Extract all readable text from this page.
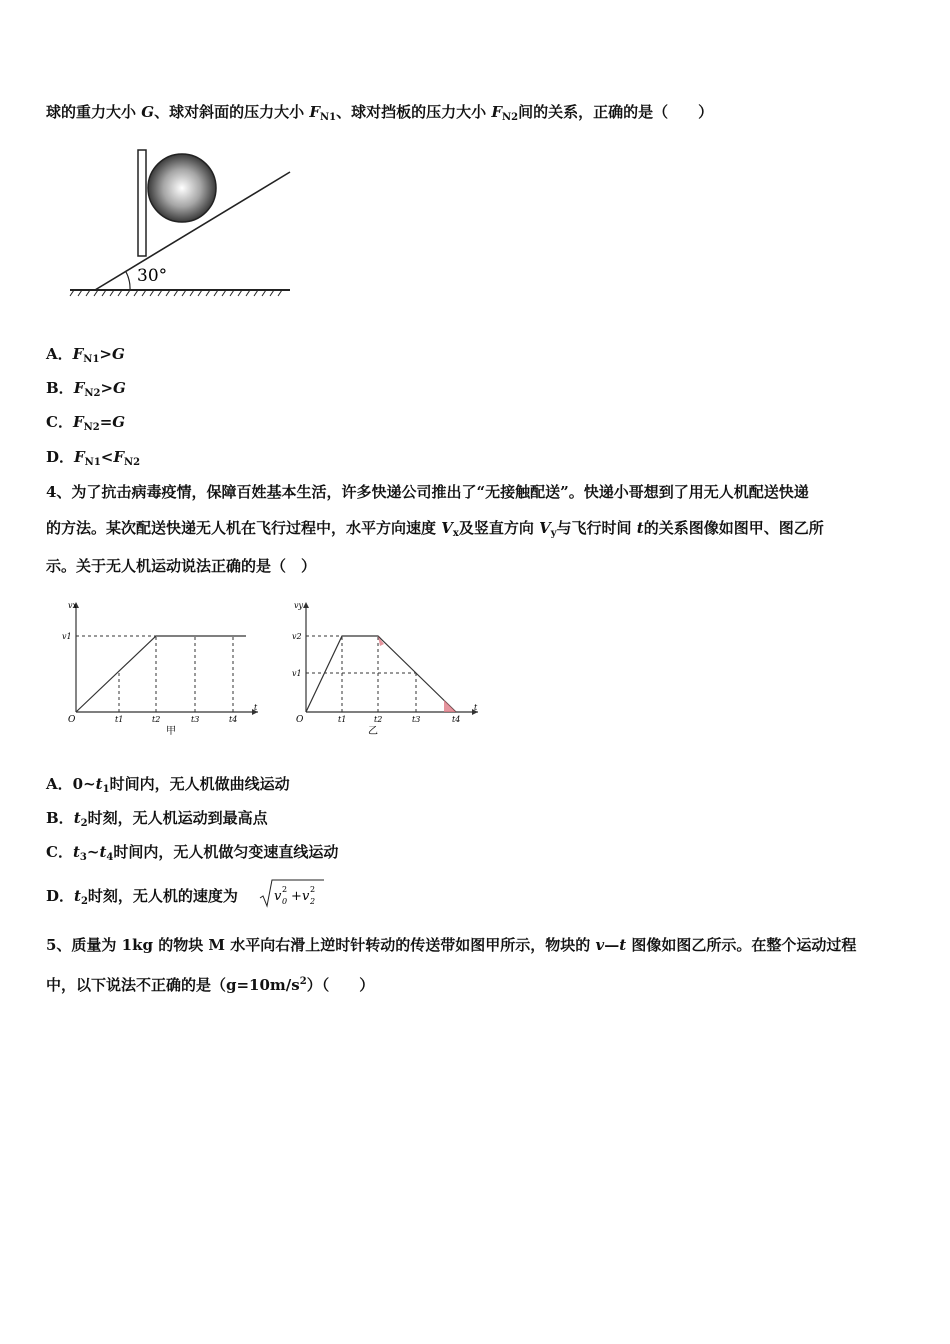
球的重力大小 G、球对斜面的压力大小 $F_{N1}$、球对挡板的压力大小 $F_{N2}$间的关系，正确的是（　　）
30°
A．$F_{N1}>G$
B．$F_{N2}>G$
C．$F_{N2}=G$
D．$F_{N1}<F_{N2}$
4、为了抗击病毒疫情，保障百姓基本生活，许多快递公司推出了“无接触配送”。快递小哥想到了用无人机配送快递
的方法。某次配送快递无人机在飞行过程中，水平方向速度 $V_x$及竖直方向 $V_y$与飞行时间 t的关系图像如图甲、图乙所
示。关于无人机运动说法正确的是（　）
vx
v1
O	t1	t2	t3	t4
t
甲
vy
v2
v1
O	t1	t2	t3	t4
t
乙
A．$0\sim t_1$时间内，无人机做曲线运动
B．$t_2$时刻，无人机运动到最高点
C．$t_3\sim t_4$时间内，无人机做匀变速直线运动
D．$t_2$时刻，无人机的速度为	v 2
0 + v 2
2
5、质量为 1kg 的物块 M 水平向右滑上逆时针转动的传送带如图甲所示，物块的 v—t 图像如图乙所示。在整个运动过程
中，以下说法不正确的是$(g=10m/s^2)$（　　）
